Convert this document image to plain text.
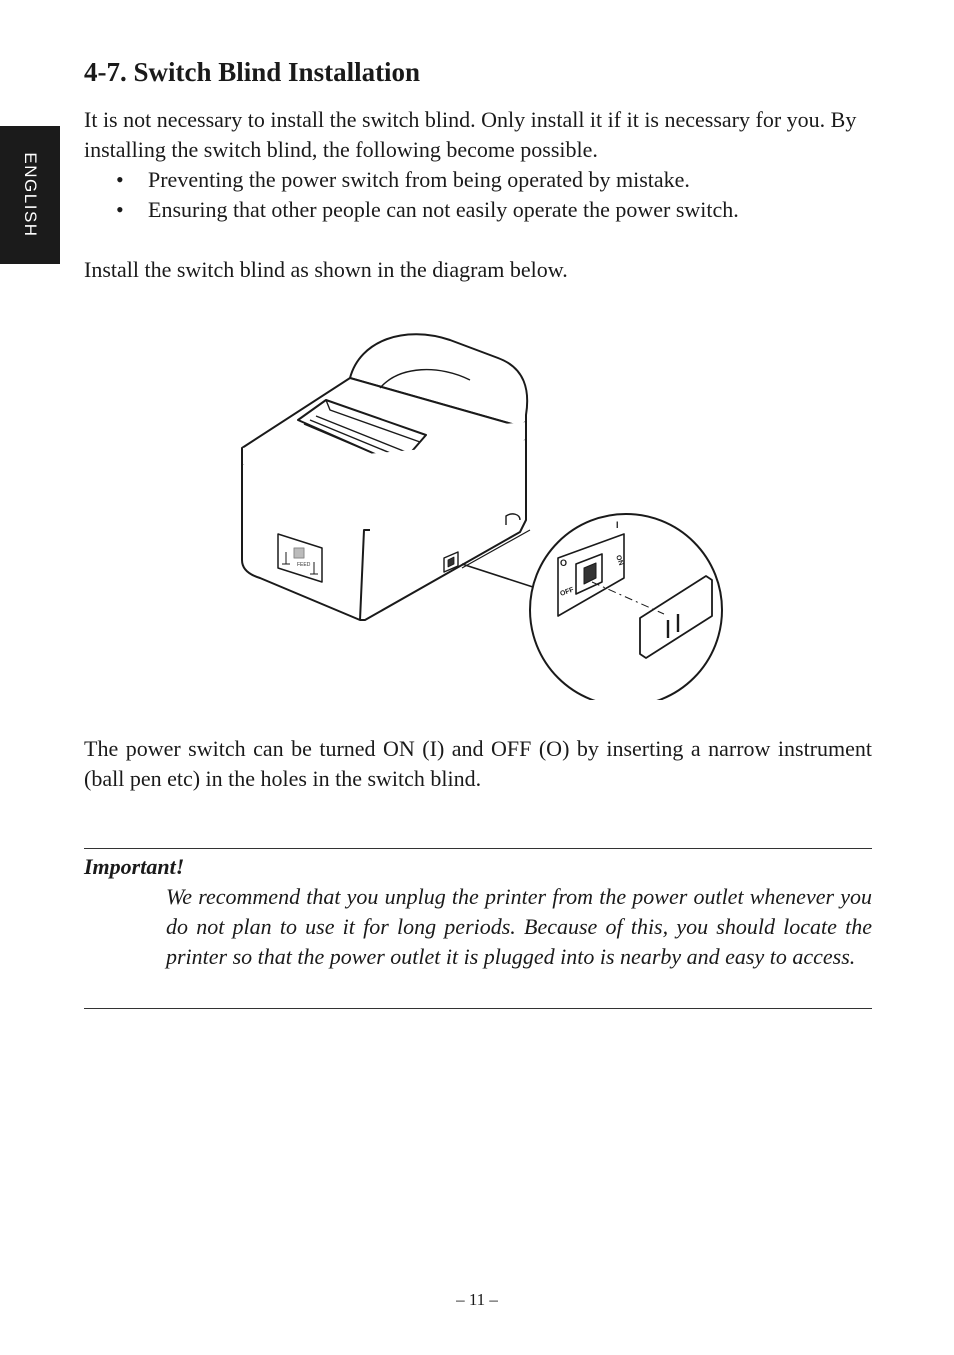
ENGLISH
4-7. Switch Blind Installation

It is not necessary to install the switch blind. Only install it if it is necessary for you. By installing the switch blind, the following become possible.

• Preventing the power switch from being operated by mistake.
• Ensuring that other people can not easily operate the power switch.

Install the switch blind as shown in the diagram below.

FEED	O
I
OFF
ON

The power switch can be turned ON (I) and OFF (O) by inserting a narrow instrument (ball pen etc) in the holes in the switch blind.

Important!

We recommend that you unplug the printer from the power outlet whenever you do not plan to use it for long periods. Because of this, you should locate the printer so that the power outlet it is plugged into is nearby and easy to access.

– 11 –
